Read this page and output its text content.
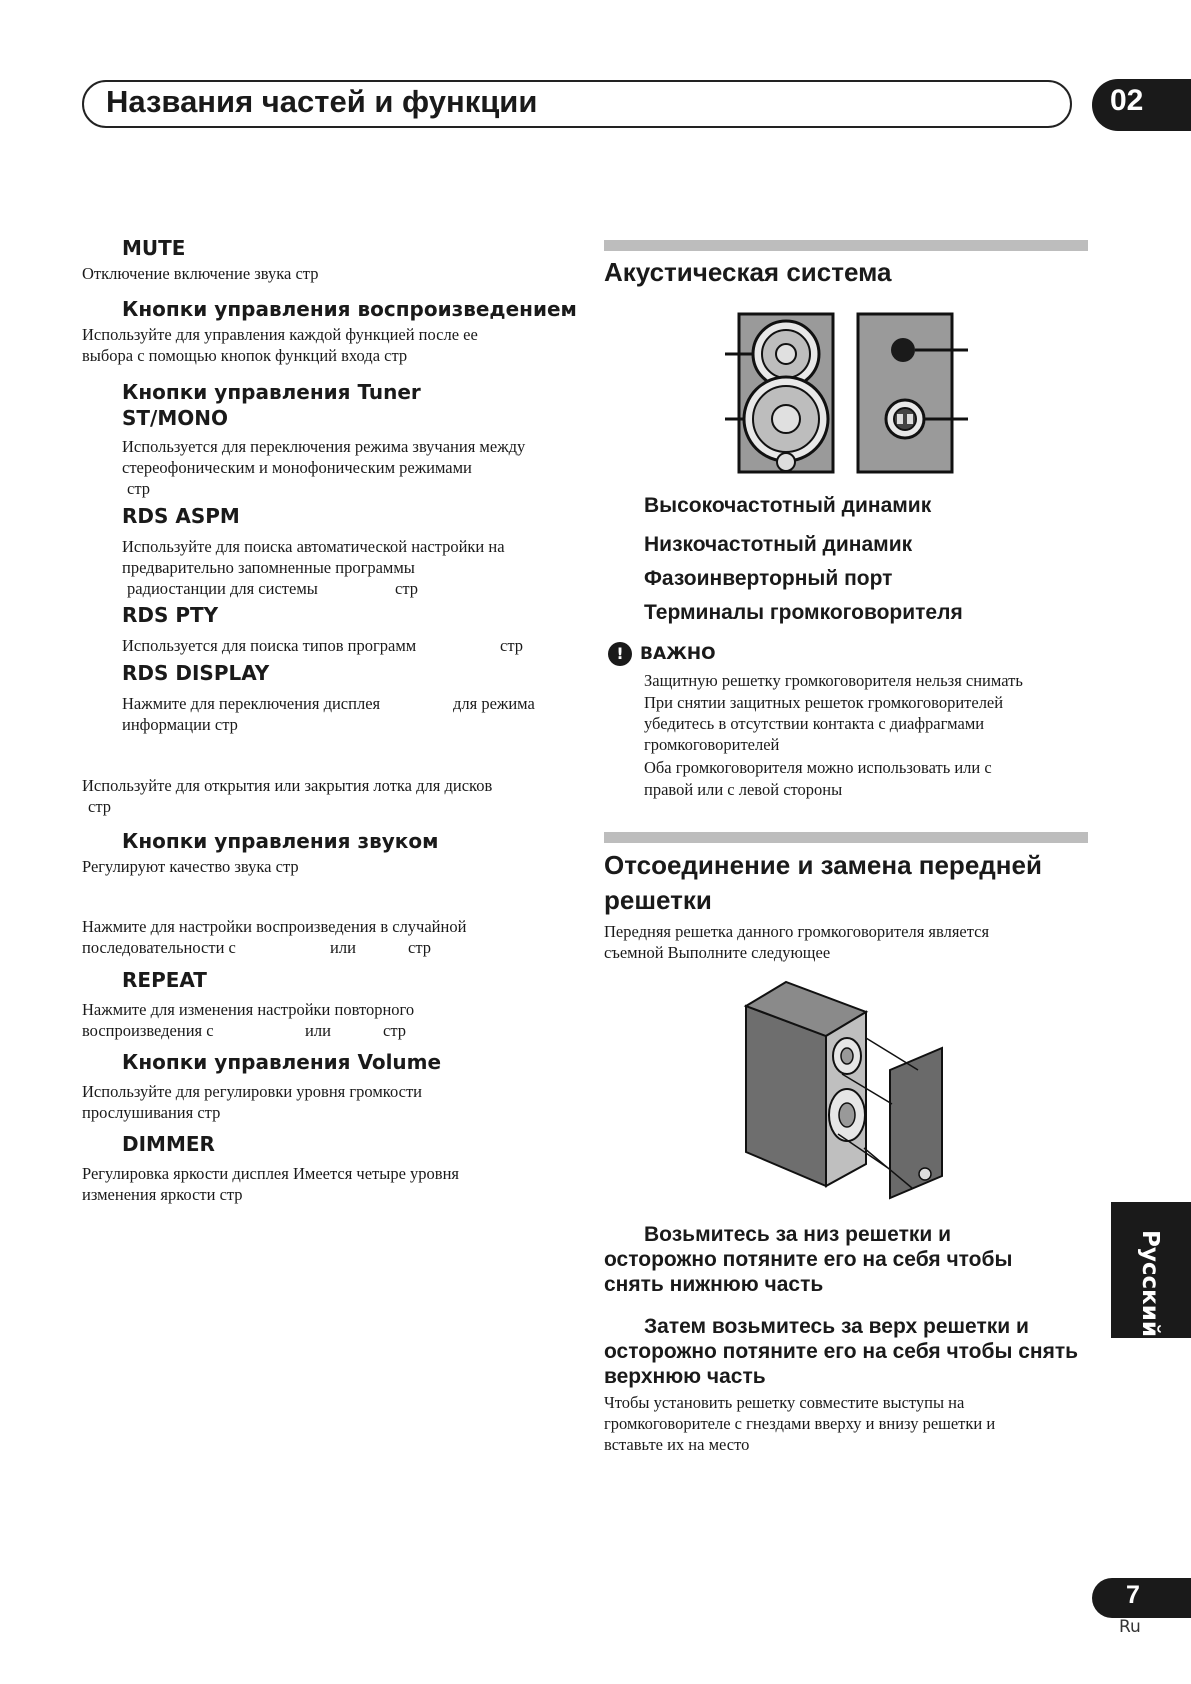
Названия частей и функции	02
MUTE
Отключение включение звука стр
Кнопки управления воспроизведением
Используйте для управления каждой функцией после ее
выбора с помощью кнопок функций входа стр
Кнопки управления Tuner
ST/MONO
Используется для переключения режима звучания между
стереофоническим и монофоническим режимами
стр
RDS ASPM
Используйте для поиска автоматической настройки на
предварительно запомненные программы
радиостанции для системы	стр
RDS PTY
Используется для поиска типов программ	стр
RDS DISPLAY
Нажмите для переключения дисплея	для режима
информации стр
Используйте для открытия или закрытия лотка для дисков
стр
Кнопки управления звуком
Регулируют качество звука стр
Нажмите для настройки воспроизведения в случайной
последовательности с	или	стр
REPEAT
Нажмите для изменения настройки повторного
воспроизведения с	или	стр
Кнопки управления Volume
Используйте для регулировки уровня громкости
прослушивания стр
DIMMER
Регулировка яркости дисплея Имеется четыре уровня
изменения яркости стр
Акустическая система
Высокочастотный динамик
Низкочастотный динамик
Фазоинверторный порт
Терминалы громкоговорителя
! ВАЖНО
Защитную решетку громкоговорителя нельзя снимать
При снятии защитных решеток громкоговорителей
убедитесь в отсутствии контакта с диафрагмами
громкоговорителей
Оба громкоговорителя можно использовать или с
правой или с левой стороны
Отсоединение и замена передней
решетки
Передняя решетка данного громкоговорителя является
съемной Выполните следующее
Возьмитесь за низ решетки и
осторожно потяните его на себя чтобы
снять нижнюю часть
Затем возьмитесь за верх решетки и
осторожно потяните его на себя чтобы снять
верхнюю часть
Чтобы установить решетку совместите выступы на
громкоговорителе с гнездами вверху и внизу решетки и
вставьте их на место
Русский
7
Ru
